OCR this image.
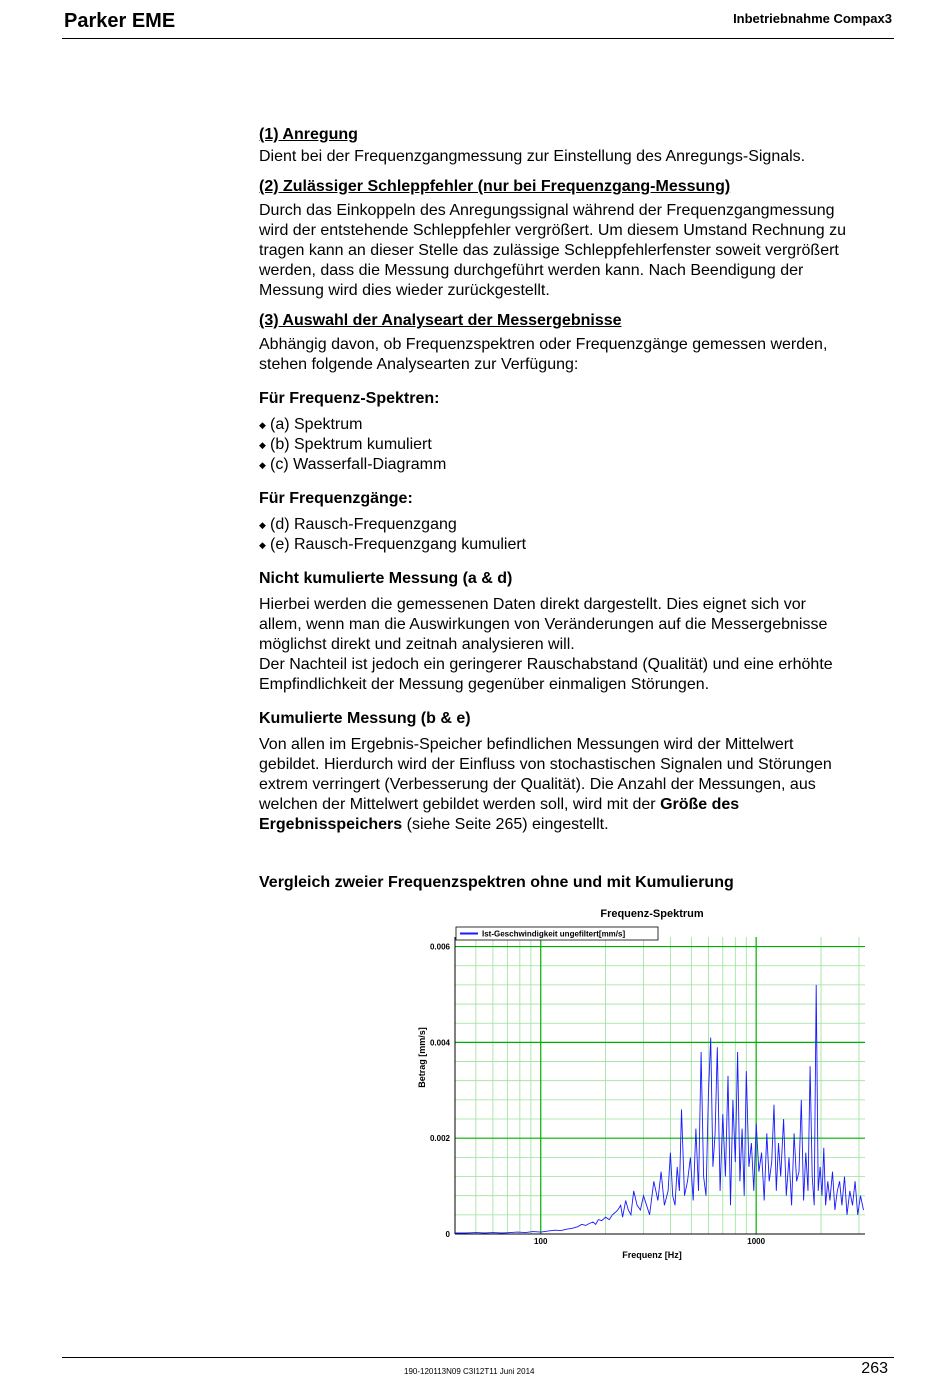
Parker EME	Inbetriebnahme Compax3

(1) Anregung

Dient bei der Frequenzgangmessung zur Einstellung des Anregungs-Signals.

(2) Zulässiger Schleppfehler (nur bei Frequenzgang-Messung)

Durch das Einkoppeln des Anregungssignal während der Frequenzgangmessung

wird der entstehende Schleppfehler vergrößert. Um diesem Umstand Rechnung zu

tragen kann an dieser Stelle das zulässige Schleppfehlerfenster soweit vergrößert

werden, dass die Messung durchgeführt werden kann. Nach Beendigung der

Messung wird dies wieder zurückgestellt.

(3) Auswahl der Analyseart der Messergebnisse

Abhängig davon, ob Frequenzspektren oder Frequenzgänge gemessen werden,

stehen folgende Analysearten zur Verfügung:

Für Frequenz-Spektren:

◆ (a) Spektrum
◆ (b) Spektrum kumuliert
◆ (c) Wasserfall-Diagramm

Für Frequenzgänge:

◆ (d) Rausch-Frequenzgang
◆ (e) Rausch-Frequenzgang kumuliert

Nicht kumulierte Messung (a & d)

Hierbei werden die gemessenen Daten direkt dargestellt. Dies eignet sich vor

allem, wenn man die Auswirkungen von Veränderungen auf die Messergebnisse

möglichst direkt und zeitnah analysieren will.

Der Nachteil ist jedoch ein geringerer Rauschabstand (Qualität) und eine erhöhte

Empfindlichkeit der Messung gegenüber einmaligen Störungen.

Kumulierte Messung (b & e)

Von allen im Ergebnis-Speicher befindlichen Messungen wird der Mittelwert

gebildet. Hierdurch wird der Einfluss von stochastischen Signalen und Störungen

extrem verringert (Verbesserung der Qualität). Die Anzahl der Messungen, aus

welchen der Mittelwert gebildet werden soll, wird mit der Größe des

Ergebnisspeichers (siehe Seite 265) eingestellt.

Vergleich zweier Frequenzspektren ohne und mit Kumulierung

0
0.002
0.004
0.006
100	1000
Frequenz-Spektrum
Frequenz [Hz]
Betrag [mm/s]
Ist-Geschwindigkeit ungefiltert[mm/s]
190-120113N09 C3I12T11 Juni 2014	263
